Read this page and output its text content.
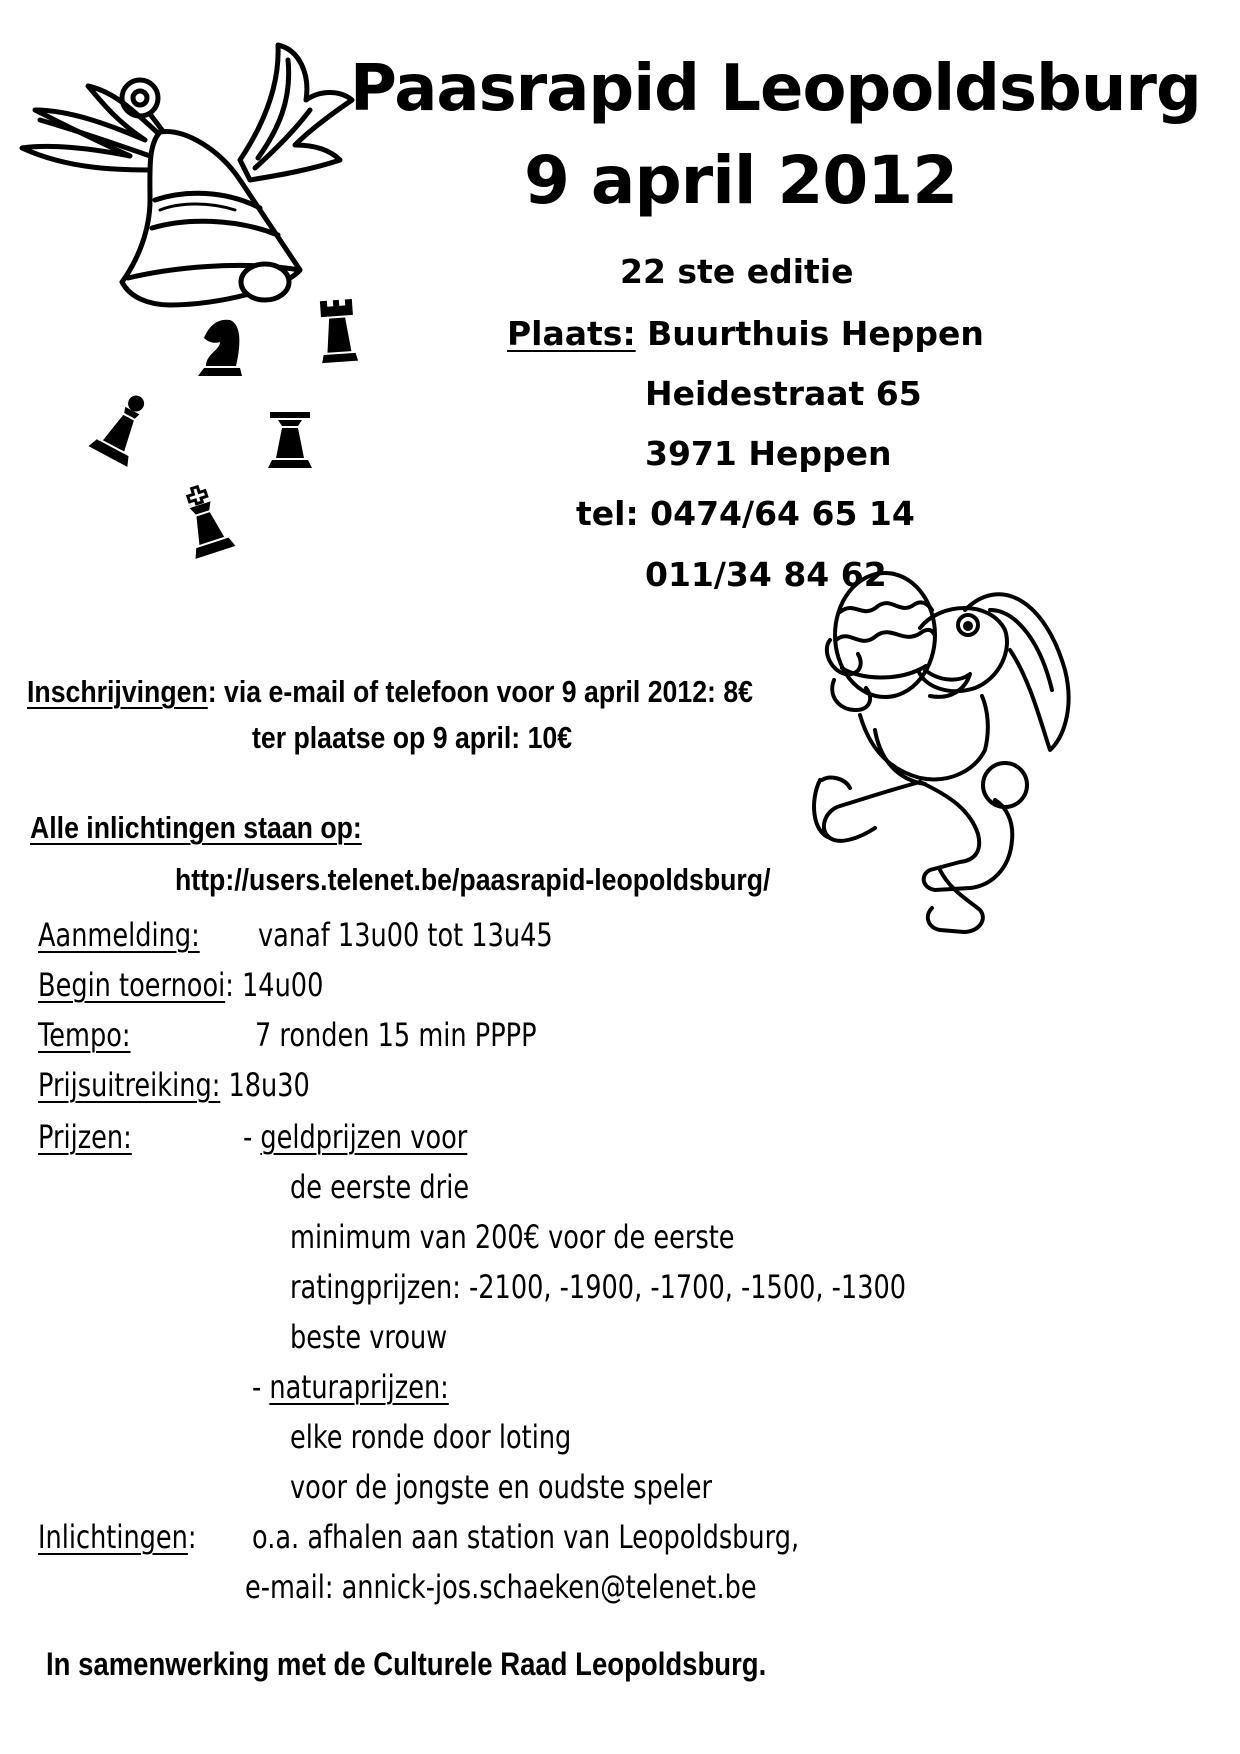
Paasrapid Leopoldsburg
9 april 2012
22 ste editie
Plaats: Buurthuis Heppen
Heidestraat 65
3971 Heppen
tel: 0474/64 65 14
011/34 84 62
Inschrijvingen: via e-mail of telefoon voor 9 april 2012: 8€
ter plaatse op 9 april: 10€
Alle inlichtingen staan op:
http://users.telenet.be/paasrapid-leopoldsburg/
Aanmelding: vanaf 13u00 tot 13u45
Begin toernooi: 14u00
Tempo:	7 ronden 15 min PPPP
Prijsuitreiking: 18u30
Prijzen:	- geldprijzen voor
de eerste drie
minimum van 200€ voor de eerste
ratingprijzen: -2100, -1900, -1700, -1500, -1300
beste vrouw
- naturaprijzen:
elke ronde door loting
voor de jongste en oudste speler
Inlichtingen: o.a. afhalen aan station van Leopoldsburg,
e-mail: annick-jos.schaeken@telenet.be
In samenwerking met de Culturele Raad Leopoldsburg.
